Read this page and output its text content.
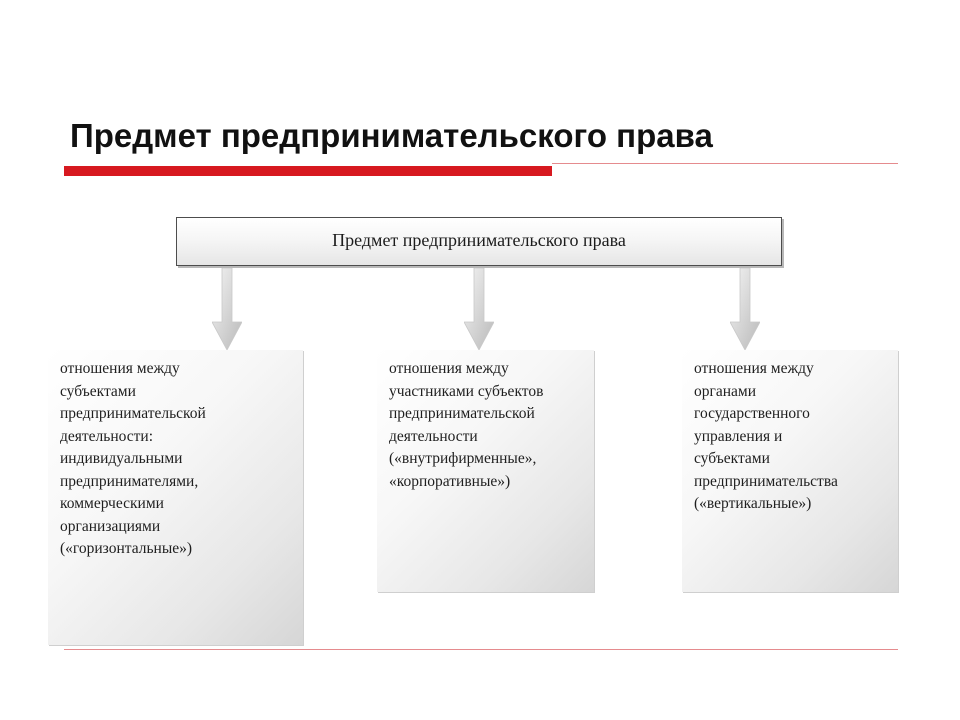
Предмет предпринимательского права
Предмет предпринимательского права
отношения между
субъектами
предпринимательской
деятельности:
индивидуальными
предпринимателями,
коммерческими
организациями
(«горизонтальные»)
отношения между
участниками субъектов
предпринимательской
деятельности
(«внутрифирменные»,
«корпоративные»)
отношения между
органами
государственного
управления и
субъектами
предпринимательства
(«вертикальные»)
